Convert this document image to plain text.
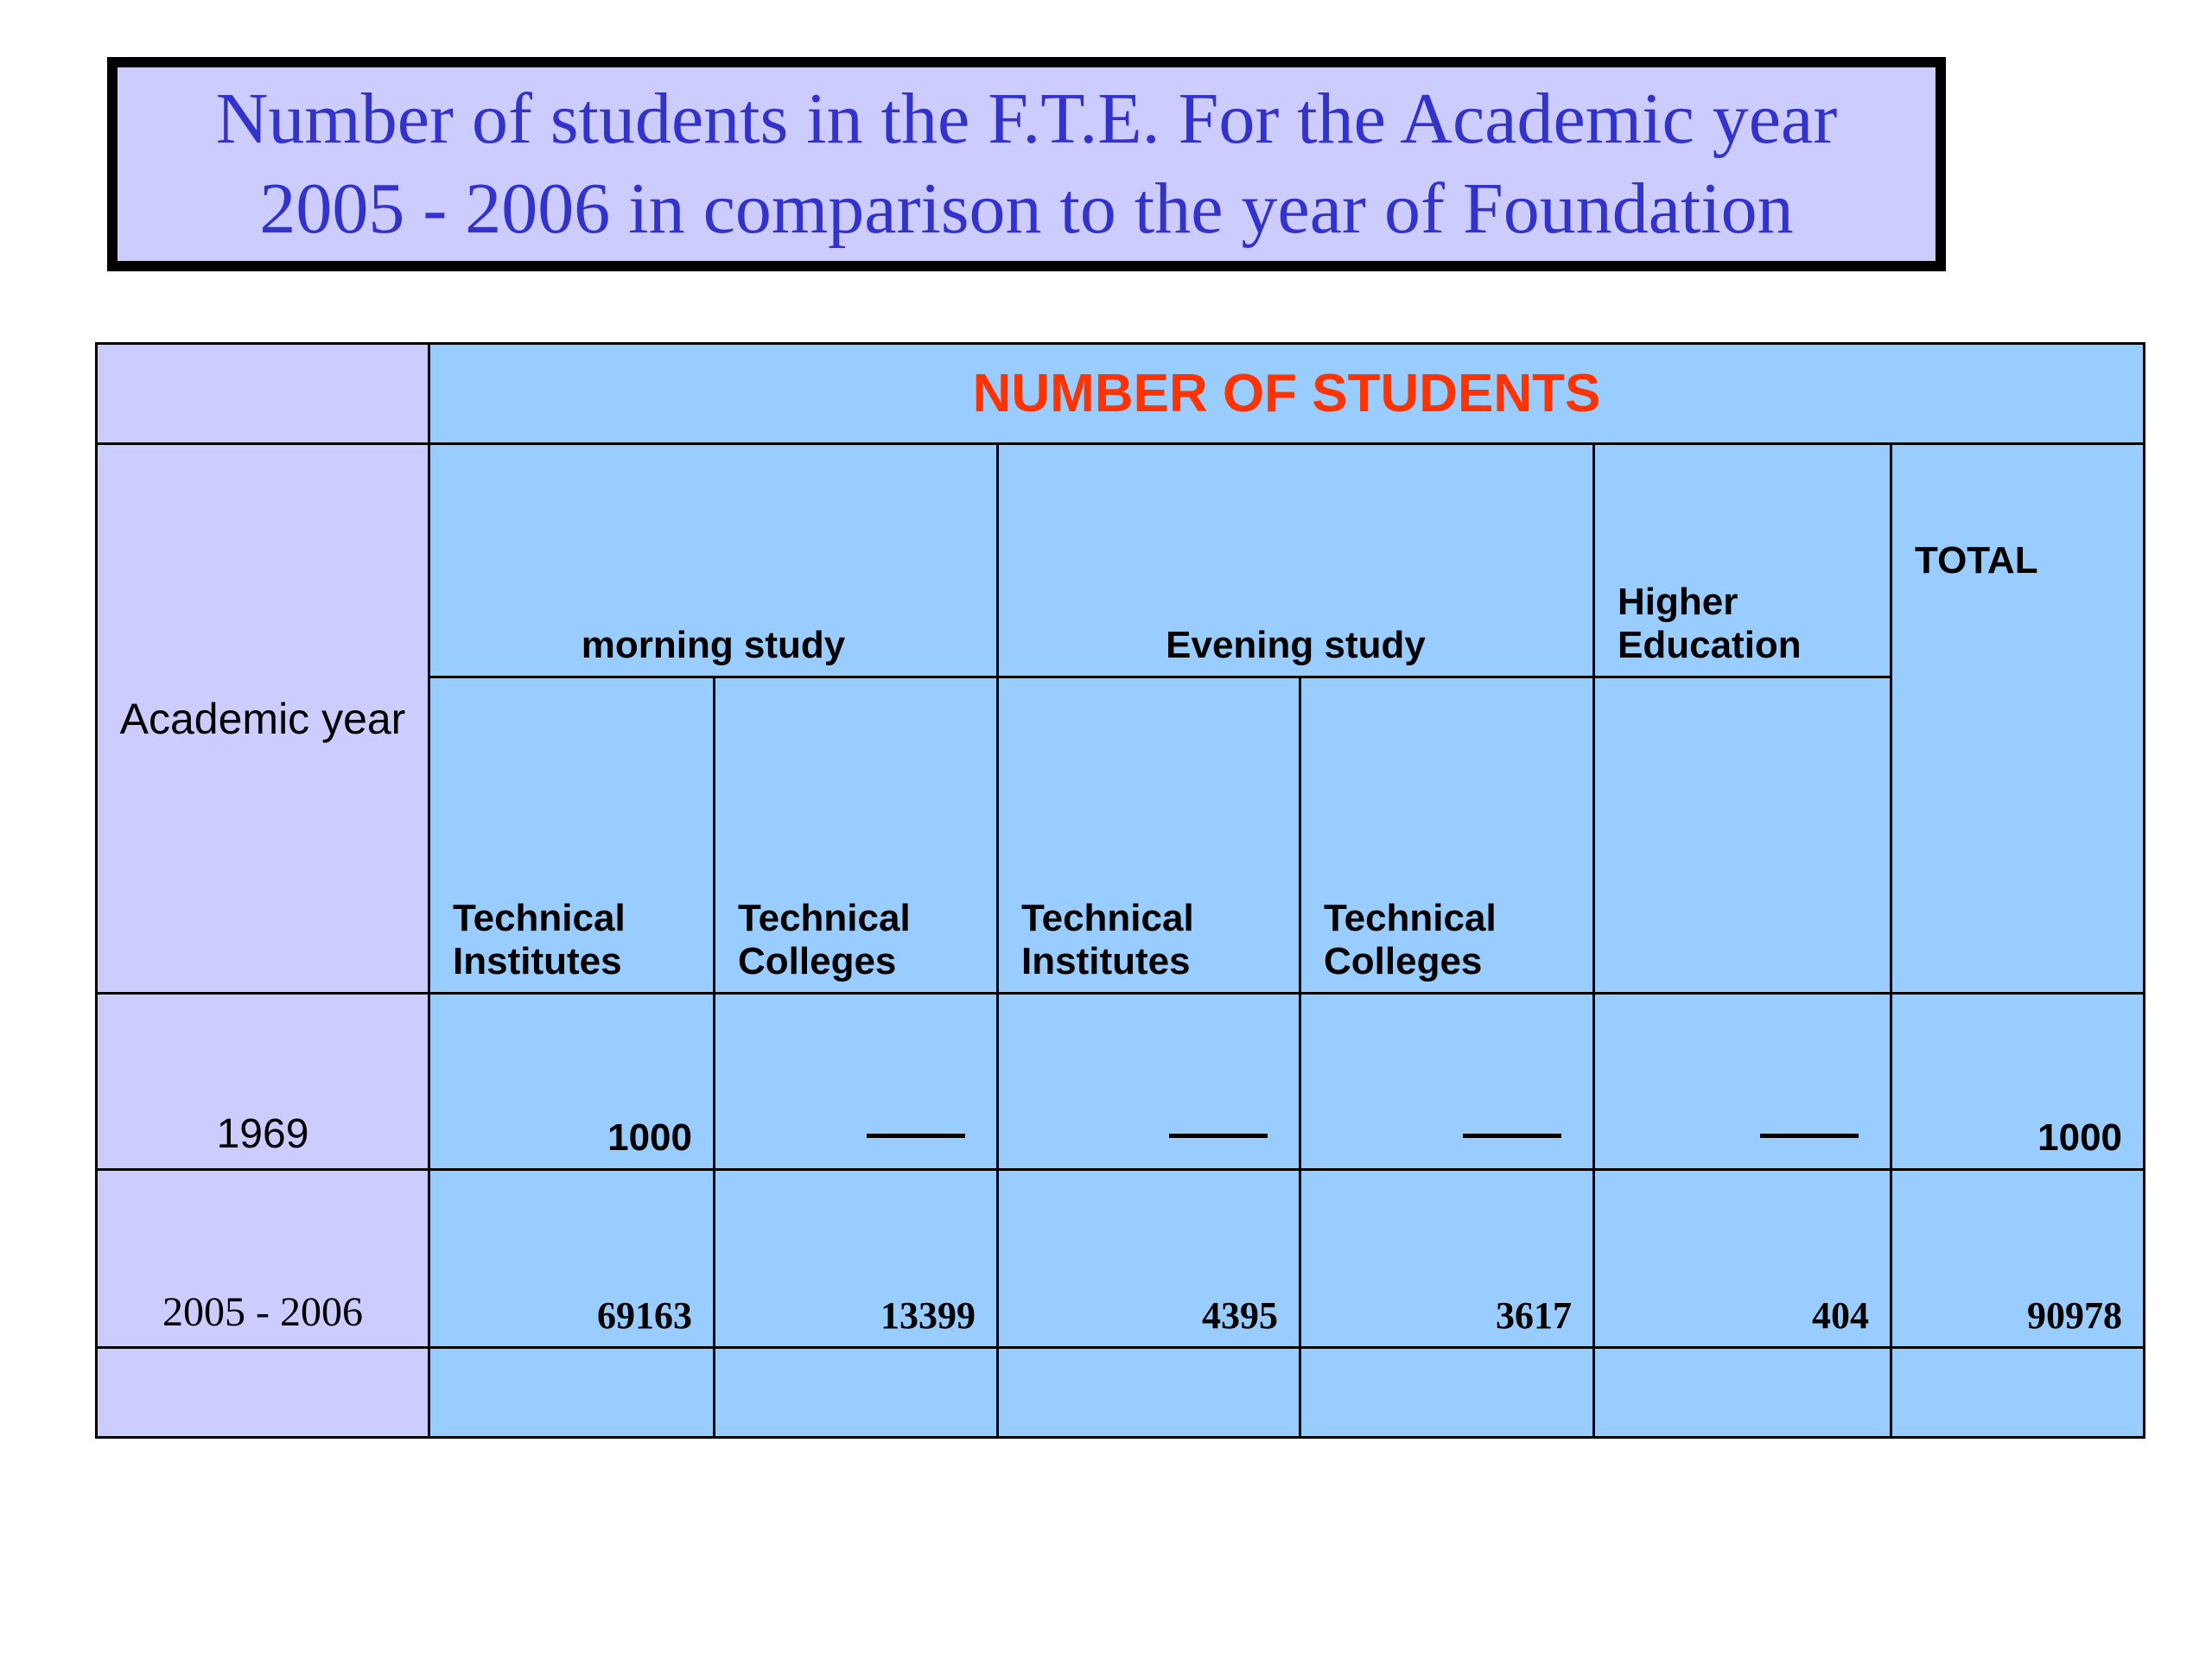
Number of students in the F.T.E. For the Academic year
2005 - 2006 in comparison to the year of Foundation
	NUMBER OF STUDENTS					
Academic year	morning study		Evening study		Higher Education	TOTAL
	Technical Institutes	Technical Colleges	Technical Institutes	Technical Colleges		
1969	1000					1000
2005 - 2006	69163	13399	4395	3617	404	90978
